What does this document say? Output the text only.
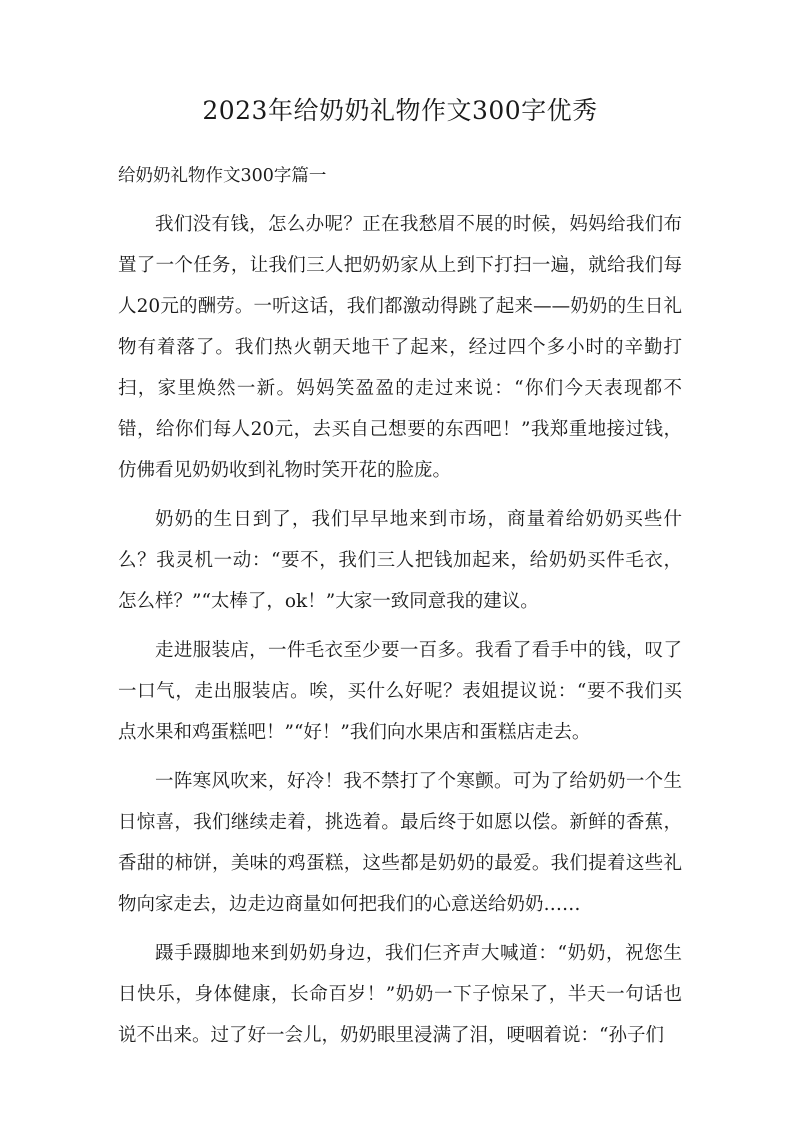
2023年给奶奶礼物作文300字优秀

给奶奶礼物作文300字篇一

我们没有钱，怎么办呢？正在我愁眉不展的时候，妈妈给我们布置了一个任务，让我们三人把奶奶家从上到下打扫一遍，就给我们每人20元的酬劳。一听这话，我们都激动得跳了起来——奶奶的生日礼物有着落了。我们热火朝天地干了起来，经过四个多小时的辛勤打扫，家里焕然一新。妈妈笑盈盈的走过来说：“你们今天表现都不错，给你们每人20元，去买自己想要的东西吧！”我郑重地接过钱，仿佛看见奶奶收到礼物时笑开花的脸庞。

奶奶的生日到了，我们早早地来到市场，商量着给奶奶买些什么？我灵机一动：“要不，我们三人把钱加起来，给奶奶买件毛衣，怎么样？”“太棒了，ok！”大家一致同意我的建议。

走进服装店，一件毛衣至少要一百多。我看了看手中的钱，叹了一口气，走出服装店。唉，买什么好呢？表姐提议说：“要不我们买点水果和鸡蛋糕吧！”“好！”我们向水果店和蛋糕店走去。

一阵寒风吹来，好冷！我不禁打了个寒颤。可为了给奶奶一个生日惊喜，我们继续走着，挑选着。最后终于如愿以偿。新鲜的香蕉，香甜的柿饼，美味的鸡蛋糕，这些都是奶奶的最爱。我们提着这些礼物向家走去，边走边商量如何把我们的心意送给奶奶……

蹑手蹑脚地来到奶奶身边，我们仨齐声大喊道：“奶奶，祝您生日快乐，身体健康，长命百岁！”奶奶一下子惊呆了，半天一句话也说不出来。过了好一会儿，奶奶眼里浸满了泪，哽咽着说：“孙子们
